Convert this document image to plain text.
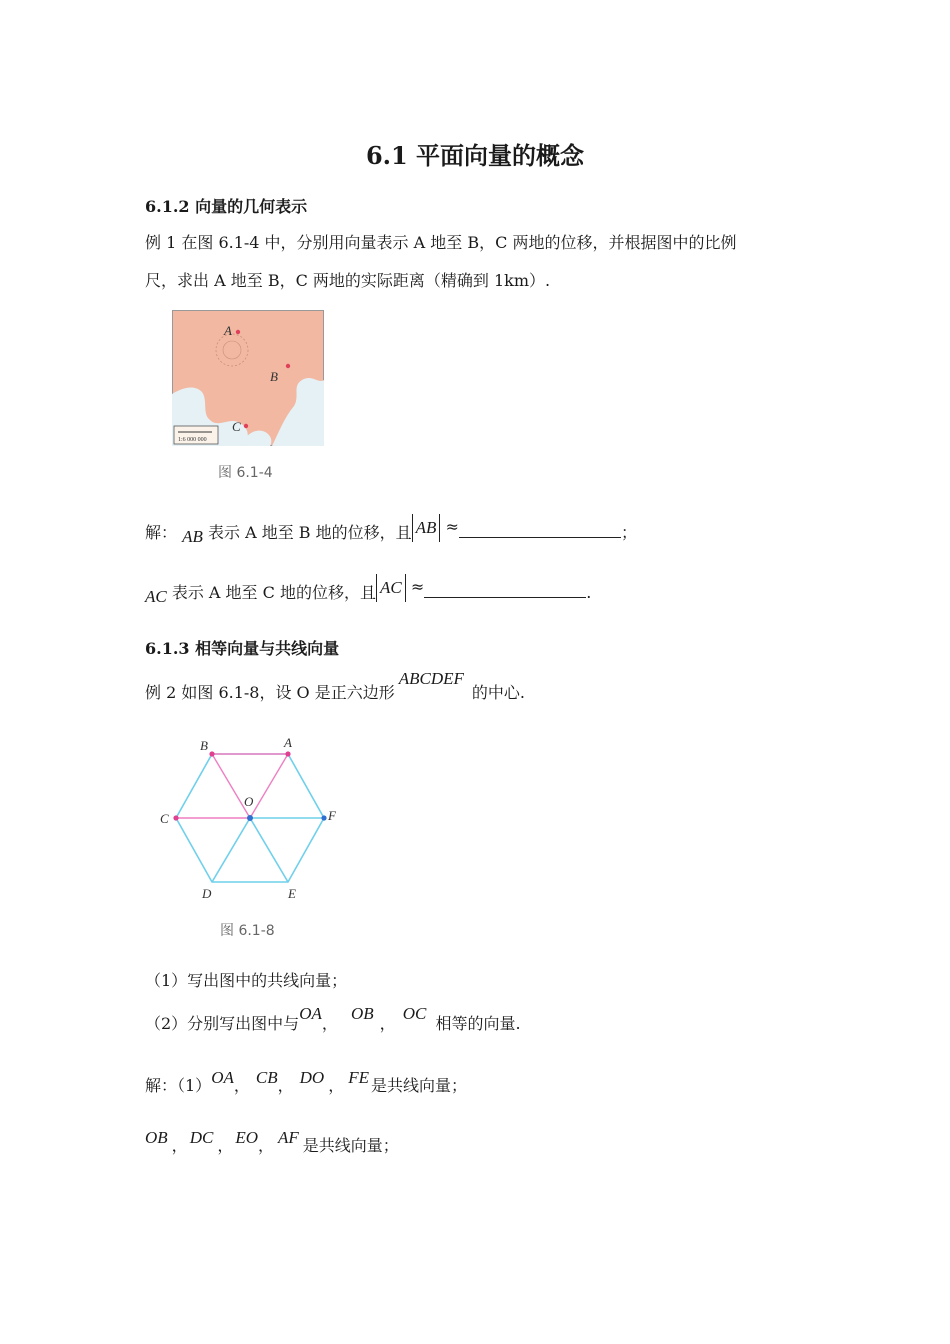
6.1 平面向量的概念
6.1.2 向量的几何表示
例 1 在图 6.1-4 中，分别用向量表示 A 地至 B，C 两地的位移，并根据图中的比例
尺，求出 A 地至 B，C 两地的实际距离（精确到 1km）.
A
B
C
1:6 000 000
图 6.1-4
解： AB 表示 A 地至 B 地的位移，且 AB ≈	；
AC 表示 A 地至 C 地的位移，且 AC ≈	.
6.1.3 相等向量与共线向量
例 2 如图 6.1-8，设 O 是正六边形ABCDEF的中心.
B	A
C	F
O
D	E
图 6.1-8
（1）写出图中的共线向量；
（2）分别写出图中与OA， OB， OC 相等的向量.
解：（1）OA， CB， DO ， FE 是共线向量；
OB ， DC ， EO， AF 是共线向量；
